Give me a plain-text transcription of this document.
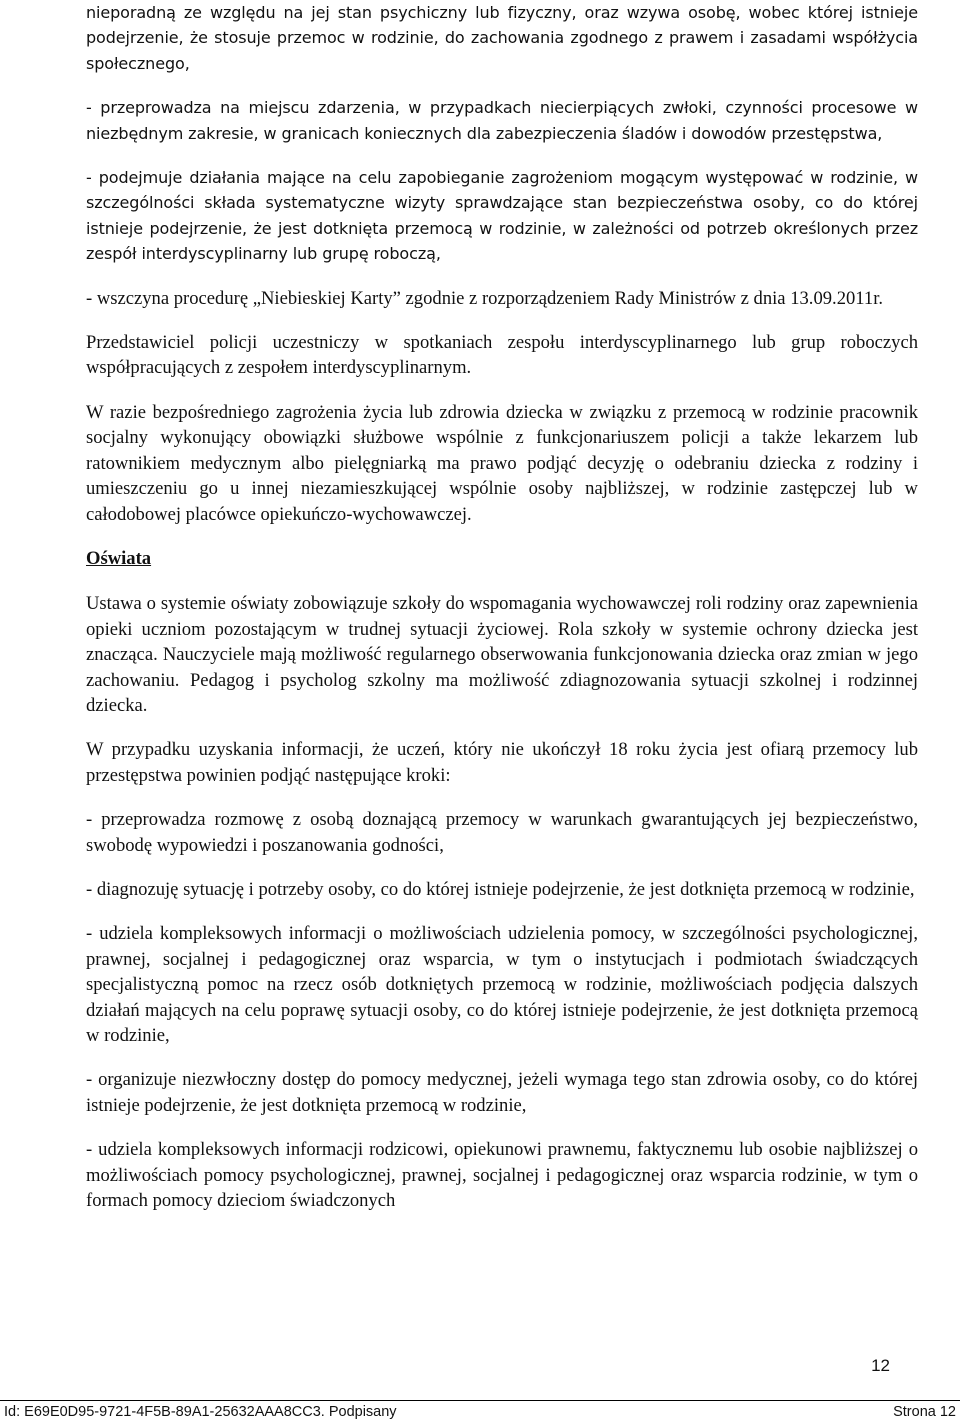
nieporadną ze względu na jej stan psychiczny lub fizyczny, oraz wzywa osobę, wobec której istnieje podejrzenie, że stosuje przemoc w rodzinie, do zachowania zgodnego z prawem i zasadami współżycia społecznego,

- przeprowadza na miejscu zdarzenia, w przypadkach niecierpiących zwłoki, czynności procesowe w niezbędnym zakresie, w granicach koniecznych dla zabezpieczenia śladów i dowodów przestępstwa,

- podejmuje działania mające na celu zapobieganie zagrożeniom mogącym występować w rodzinie, w szczególności składa systematyczne wizyty sprawdzające stan bezpieczeństwa osoby, co do której istnieje podejrzenie, że jest dotknięta przemocą w rodzinie, w zależności od potrzeb określonych przez zespół interdyscyplinarny lub grupę roboczą,

- wszczyna procedurę „Niebieskiej Karty” zgodnie z rozporządzeniem Rady Ministrów z dnia 13.09.2011r.

Przedstawiciel policji uczestniczy w spotkaniach zespołu interdyscyplinarnego lub grup roboczych współpracujących z zespołem interdyscyplinarnym.

W razie bezpośredniego zagrożenia życia lub zdrowia dziecka w związku z przemocą w rodzinie pracownik socjalny wykonujący obowiązki służbowe wspólnie z funkcjonariuszem policji a także lekarzem lub ratownikiem medycznym albo pielęgniarką ma prawo podjąć decyzję o odebraniu dziecka z rodziny i umieszczeniu go u innej niezamieszkującej wspólnie osoby najbliższej, w rodzinie zastępczej lub w całodobowej placówce opiekuńczo-wychowawczej.

Oświata

Ustawa o systemie oświaty zobowiązuje szkoły do wspomagania wychowawczej roli rodziny oraz zapewnienia opieki uczniom pozostającym w trudnej sytuacji życiowej. Rola szkoły w systemie ochrony dziecka jest znacząca. Nauczyciele mają możliwość regularnego obserwowania funkcjonowania dziecka oraz zmian w jego zachowaniu. Pedagog i psycholog szkolny ma możliwość zdiagnozowania sytuacji szkolnej i rodzinnej dziecka.

W przypadku uzyskania informacji, że uczeń, który nie ukończył 18 roku życia jest ofiarą przemocy lub przestępstwa powinien podjąć następujące kroki:

- przeprowadza rozmowę z osobą doznającą przemocy w warunkach gwarantujących jej bezpieczeństwo, swobodę wypowiedzi i poszanowania godności,

- diagnozuję sytuację i potrzeby osoby, co do której istnieje podejrzenie, że jest dotknięta przemocą w rodzinie,

- udziela kompleksowych informacji o możliwościach udzielenia pomocy, w szczególności psychologicznej, prawnej, socjalnej i pedagogicznej oraz wsparcia, w tym o instytucjach i podmiotach świadczących specjalistyczną pomoc na rzecz osób dotkniętych przemocą w rodzinie, możliwościach podjęcia dalszych działań mających na celu poprawę sytuacji osoby, co do której istnieje podejrzenie, że jest dotknięta przemocą w rodzinie,

- organizuje niezwłoczny dostęp do pomocy medycznej, jeżeli wymaga tego stan zdrowia osoby, co do której istnieje podejrzenie, że jest dotknięta przemocą w rodzinie,

- udziela kompleksowych informacji rodzicowi, opiekunowi prawnemu, faktycznemu lub osobie najbliższej o możliwościach pomocy psychologicznej, prawnej, socjalnej i pedagogicznej oraz wsparcia rodzinie, w tym o formach pomocy dzieciom świadczonych

12
Id: E69E0D95-9721-4F5B-89A1-25632AAA8CC3. Podpisany	Strona 12
